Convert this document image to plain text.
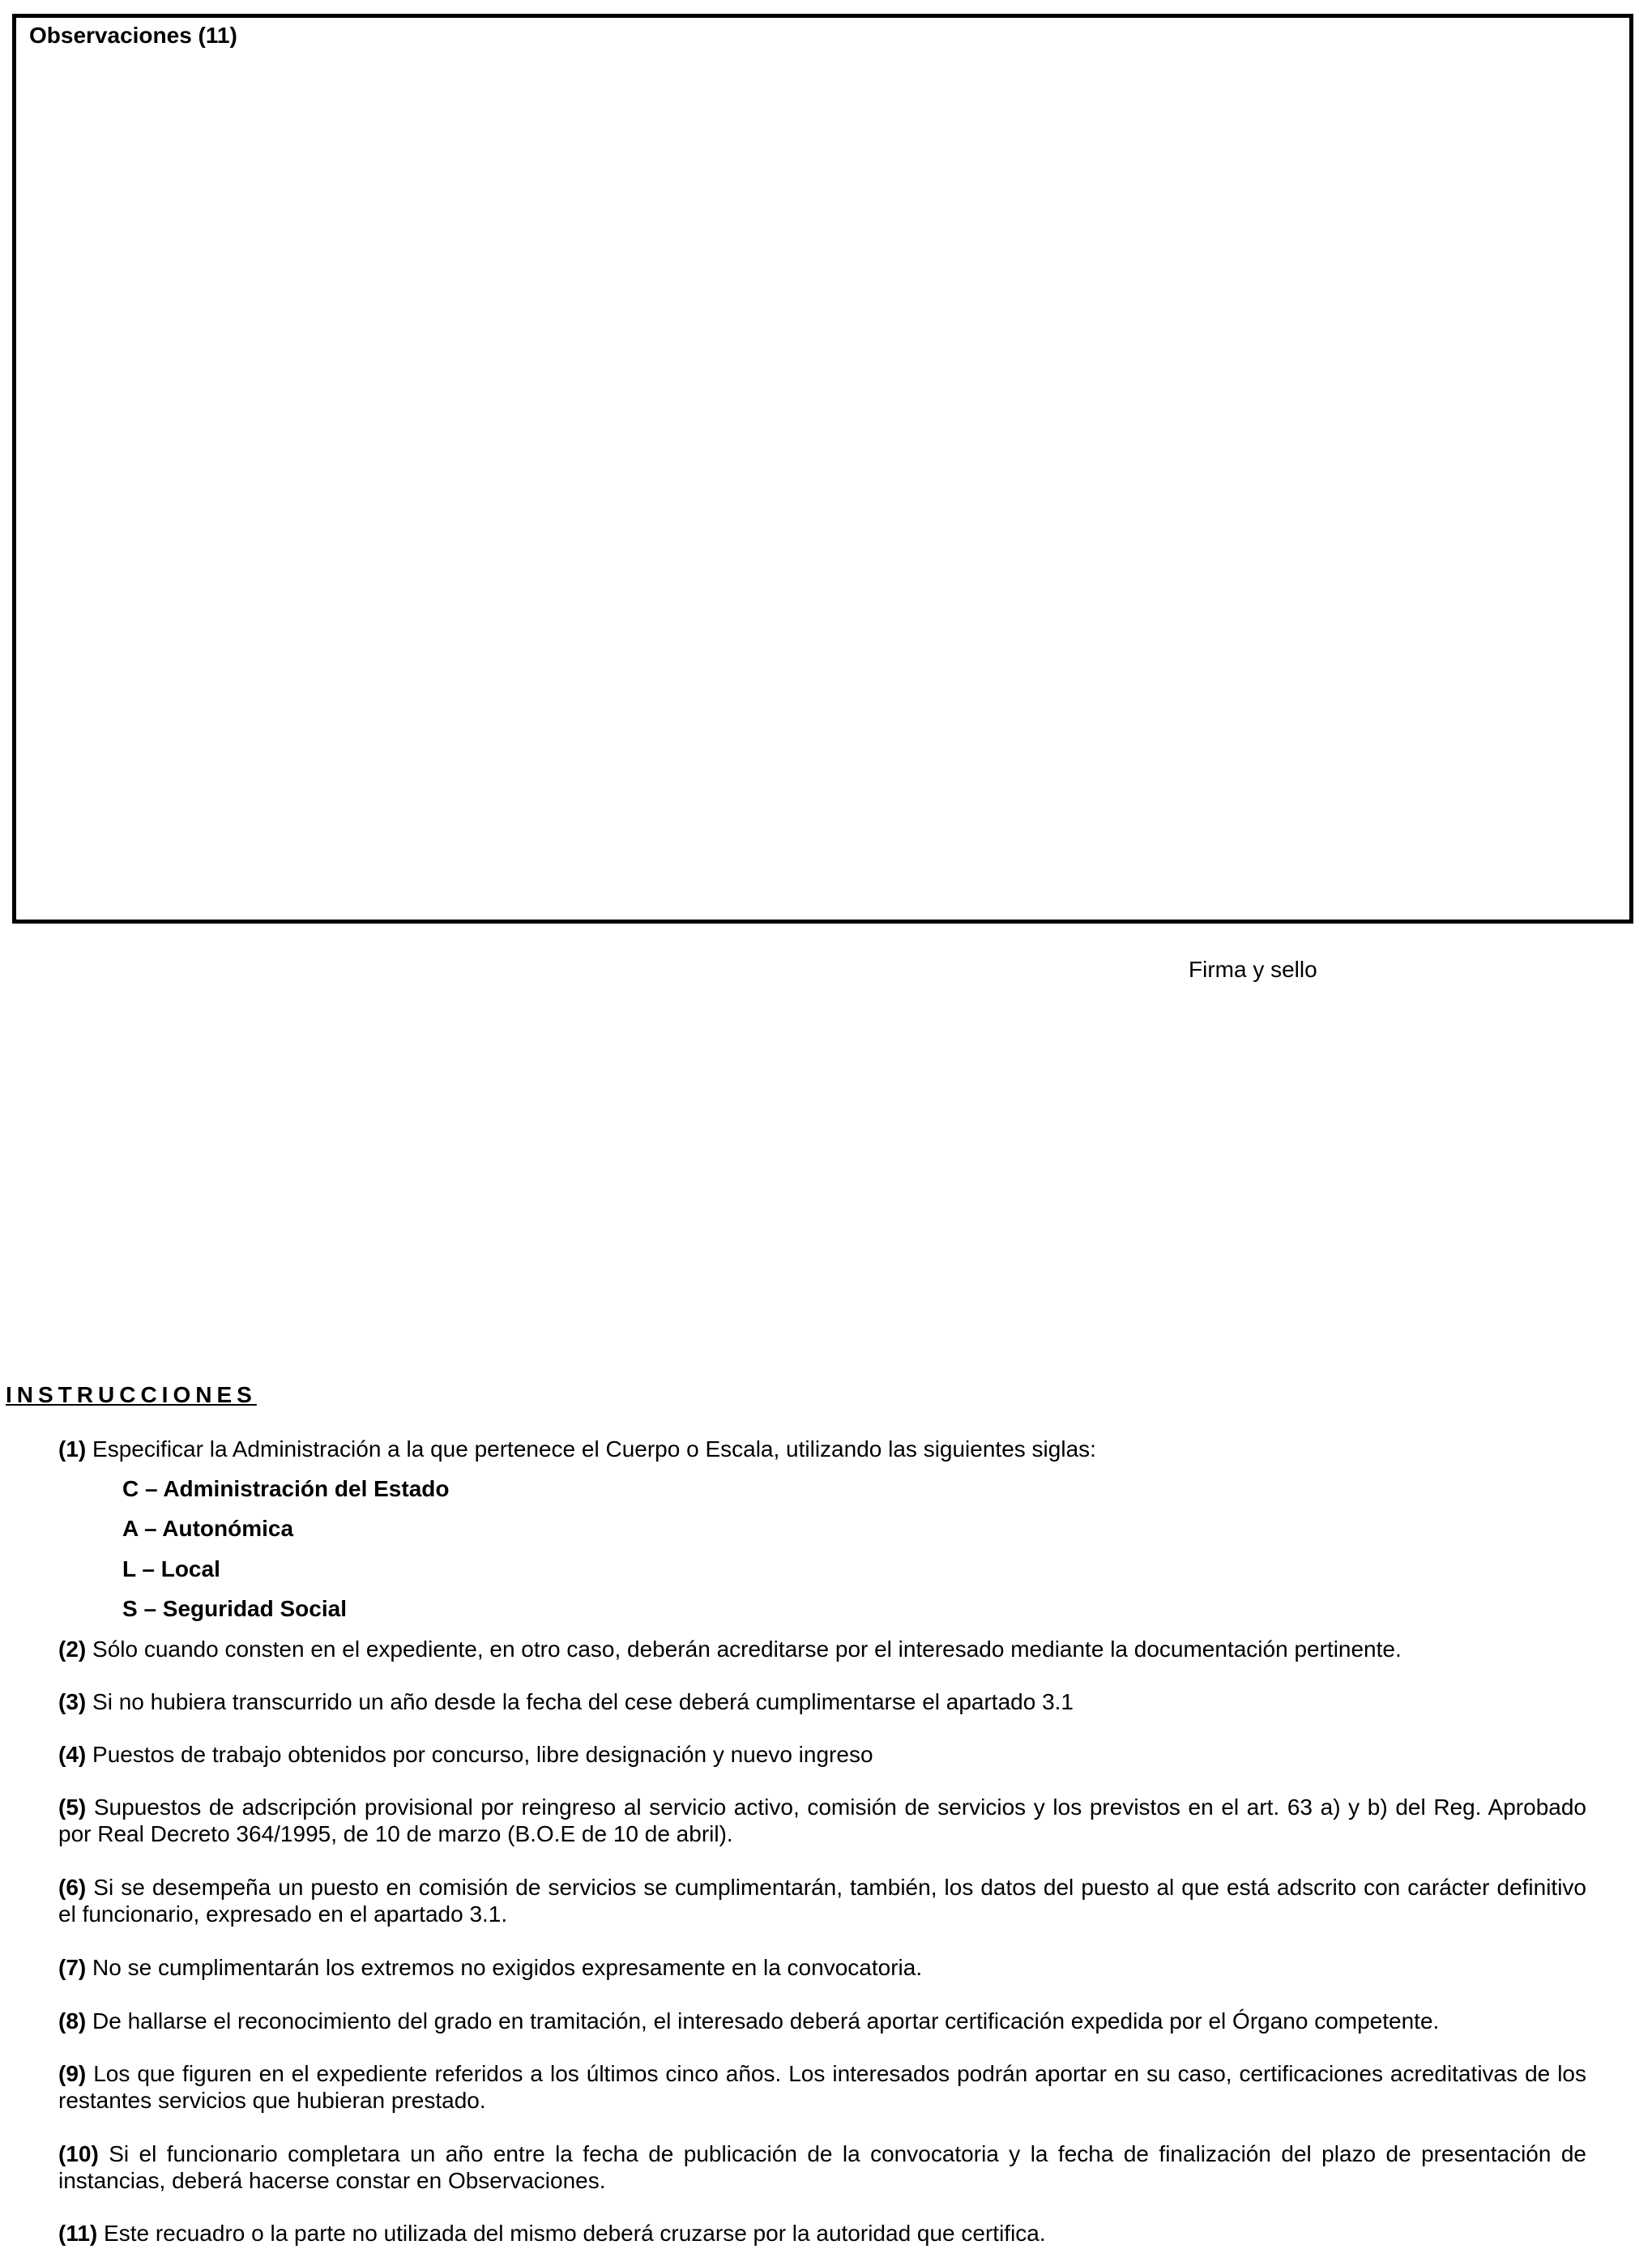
Observaciones (11)
Firma y sello
INSTRUCCIONES
(1) Especificar la Administración a la que pertenece el Cuerpo o Escala, utilizando las siguientes siglas:
C – Administración del Estado
A – Autonómica
L – Local
S – Seguridad Social
(2) Sólo cuando consten en el expediente, en otro caso, deberán acreditarse por el interesado mediante la documentación pertinente.
(3) Si no hubiera transcurrido un año desde la fecha del cese deberá cumplimentarse el apartado 3.1
(4) Puestos de trabajo obtenidos por concurso, libre designación y nuevo ingreso
(5) Supuestos de adscripción provisional por reingreso al servicio activo, comisión de servicios y los previstos en el art. 63 a) y b) del Reg. Aprobado por Real Decreto 364/1995, de 10 de marzo (B.O.E de 10 de abril).
(6) Si se desempeña un puesto en comisión de servicios se cumplimentarán, también, los datos del puesto al que está adscrito con carácter definitivo el funcionario, expresado en el apartado 3.1.
(7) No se cumplimentarán los extremos no exigidos expresamente en la convocatoria.
(8) De hallarse el reconocimiento del grado en tramitación, el interesado deberá aportar certificación expedida por el Órgano competente.
(9) Los que figuren en el expediente referidos a los últimos cinco años. Los interesados podrán aportar en su caso, certificaciones acreditativas de los restantes servicios que hubieran prestado.
(10) Si el funcionario completara un año entre la fecha de publicación de la convocatoria y la fecha de finalización del plazo de presentación de instancias, deberá hacerse constar en Observaciones.
(11) Este recuadro o la parte no utilizada del mismo deberá cruzarse por la autoridad que certifica.
